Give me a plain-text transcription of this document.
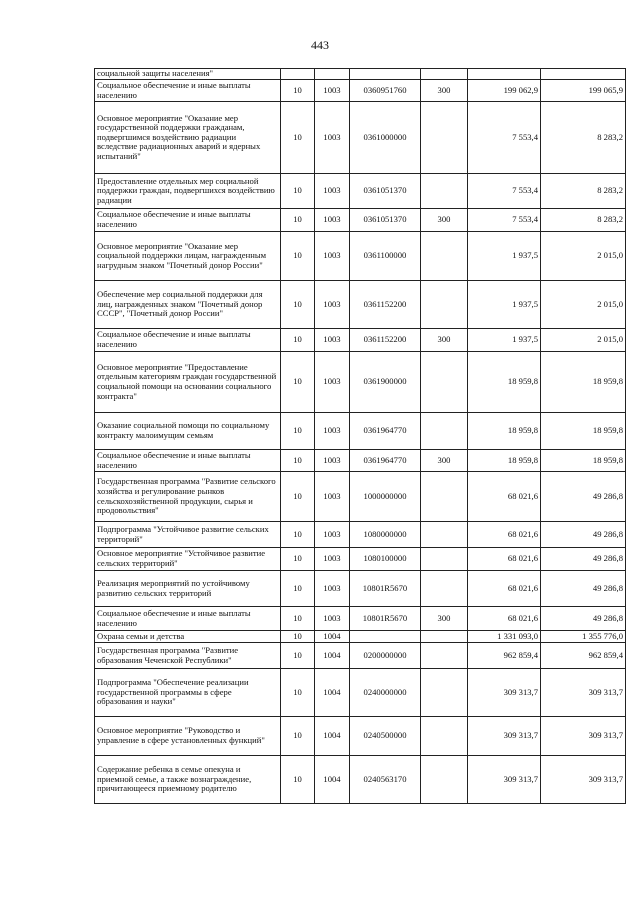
443
социальной защиты населения"						
Социальное обеспечение и иные выплаты населению	10	1003	0360951760	300	199 062,9	199 065,9
Основное мероприятие "Оказание мер государственной поддержки гражданам, подвергшимся воздействию радиации вследствие радиационных аварий и ядерных испытаний"	10	1003	0361000000		7 553,4	8 283,2
Предоставление отдельных мер социальной поддержки граждан, подвергшихся воздействию радиации	10	1003	0361051370		7 553,4	8 283,2
Социальное обеспечение и иные выплаты населению	10	1003	0361051370	300	7 553,4	8 283,2
Основное мероприятие "Оказание мер социальной поддержки лицам, награжденным нагрудным знаком "Почетный донор России"	10	1003	0361100000		1 937,5	2 015,0
Обеспечение мер социальной поддержки для лиц, награжденных знаком "Почетный донор СССР", "Почетный донор России"	10	1003	0361152200		1 937,5	2 015,0
Социальное обеспечение и иные выплаты населению	10	1003	0361152200	300	1 937,5	2 015,0
Основное мероприятие "Предоставление отдельным категориям граждан государственной социальной помощи на основании социального контракта"	10	1003	0361900000		18 959,8	18 959,8
Оказание социальной помощи по социальному контракту малоимущим семьям	10	1003	0361964770		18 959,8	18 959,8
Социальное обеспечение и иные выплаты населению	10	1003	0361964770	300	18 959,8	18 959,8
Государственная программа "Развитие сельского хозяйства и регулирование рынков сельскохозяйственной продукции, сырья и продовольствия"	10	1003	1000000000		68 021,6	49 286,8
Подпрограмма "Устойчивое развитие сельских территорий"	10	1003	1080000000		68 021,6	49 286,8
Основное мероприятие "Устойчивое развитие сельских территорий"	10	1003	1080100000		68 021,6	49 286,8
Реализация мероприятий по устойчивому развитию сельских территорий	10	1003	10801R5670		68 021,6	49 286,8
Социальное обеспечение и иные выплаты населению	10	1003	10801R5670	300	68 021,6	49 286,8
Охрана семьи и детства	10	1004			1 331 093,0	1 355 776,0
Государственная программа "Развитие образования Чеченской Республики"	10	1004	0200000000		962 859,4	962 859,4
Подпрограмма "Обеспечение реализации государственной программы в сфере образования и науки"	10	1004	0240000000		309 313,7	309 313,7
Основное мероприятие "Руководство и управление в сфере установленных функций"	10	1004	0240500000		309 313,7	309 313,7
Содержание ребенка в семье опекуна и приемной семье, а также вознаграждение, причитающееся приемному родителю	10	1004	0240563170		309 313,7	309 313,7
